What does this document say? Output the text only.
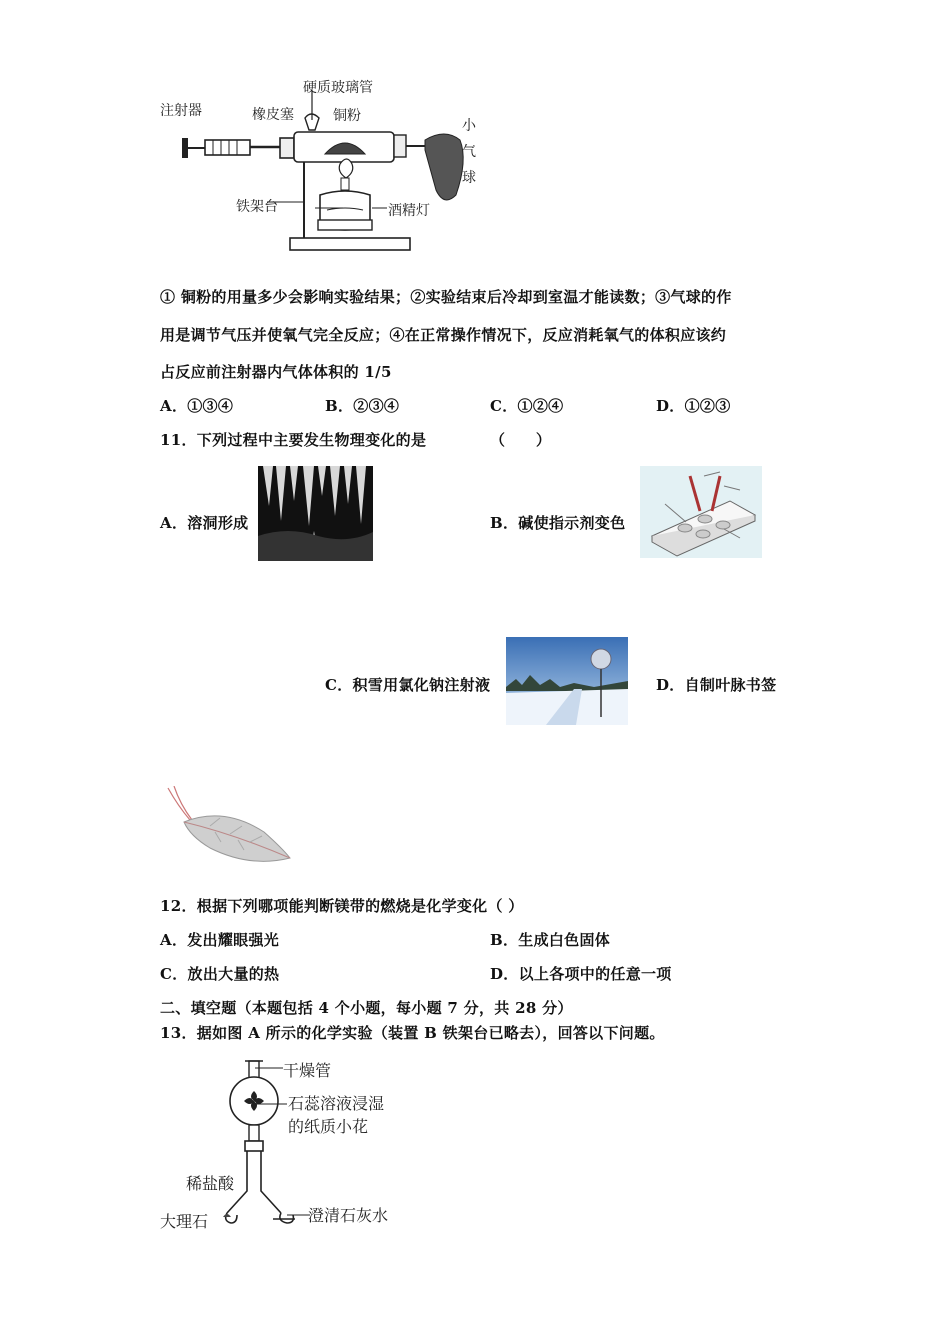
注射器	橡皮塞
硬质玻璃管
铜粉
小
气
球
铁架台	酒精灯
① 铜粉的用量多少会影响实验结果；②实验结束后冷却到室温才能读数；③气球的作
用是调节气压并使氧气完全反应；④在正常操作情况下，反应消耗氧气的体积应该约
占反应前注射器内气体体积的 1/5
A．①③④	B．②③④	C．①②④	D．①②③
11．下列过程中主要发生物理变化的是	（　　）
A．溶洞形成	B．碱使指示剂变色
C．积雪用氯化钠注射液	D．自制叶脉书签
12．根据下列哪项能判断镁带的燃烧是化学变化（ ）
A．发出耀眼强光	B．生成白色固体
C．放出大量的热	D．以上各项中的任意一项
二、填空题（本题包括 4 个小题，每小题 7 分，共 28 分）
13．据如图 A 所示的化学实验（装置 B 铁架台已略去），回答以下问题。
干燥管
石蕊溶液浸湿
的纸质小花
稀盐酸
大理石	澄清石灰水
